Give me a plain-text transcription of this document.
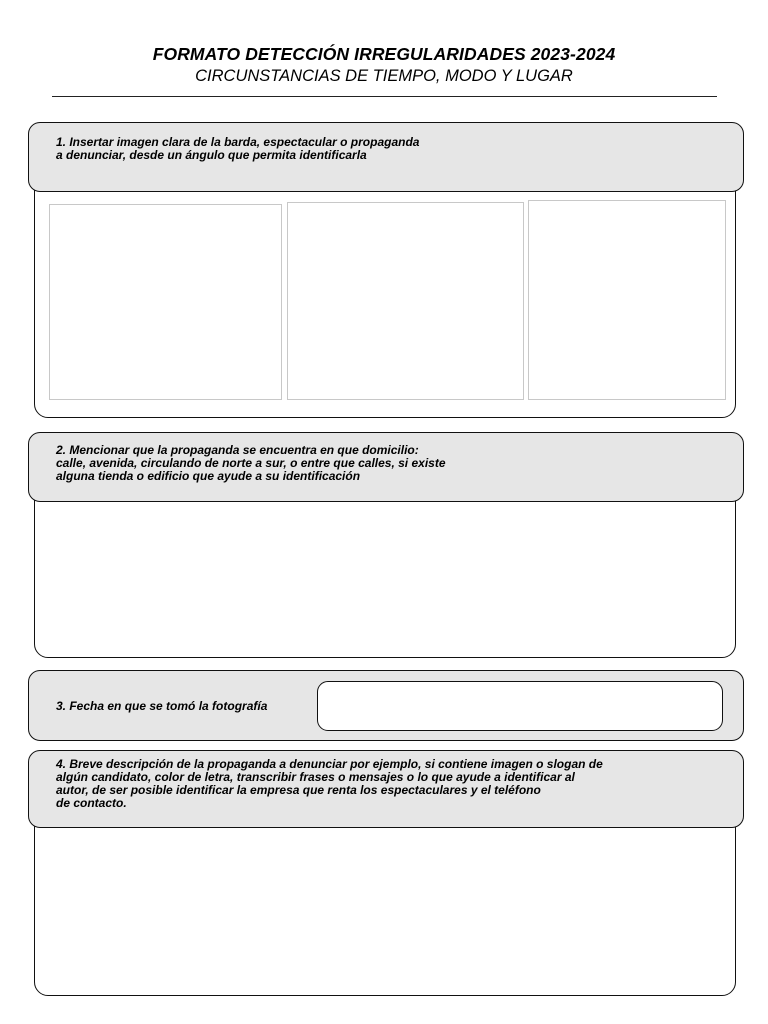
FORMATO DETECCIÓN IRREGULARIDADES 2023-2024
CIRCUNSTANCIAS DE TIEMPO, MODO Y LUGAR
1. Insertar imagen clara de la barda, espectacular o propaganda
a denunciar, desde un ángulo que permita identificarla
2. Mencionar que la propaganda se encuentra en que domicilio:
calle, avenida, circulando de norte a sur, o entre que calles, si existe
alguna tienda o edificio que ayude a su identificación
3. Fecha en que se tomó la fotografía
4. Breve descripción de la propaganda a denunciar por ejemplo, si contiene imagen o slogan de
algún candidato, color de letra, transcribir frases o mensajes o lo que ayude a identificar al
autor, de ser posible identificar la empresa que renta los espectaculares y el teléfono
de contacto.
